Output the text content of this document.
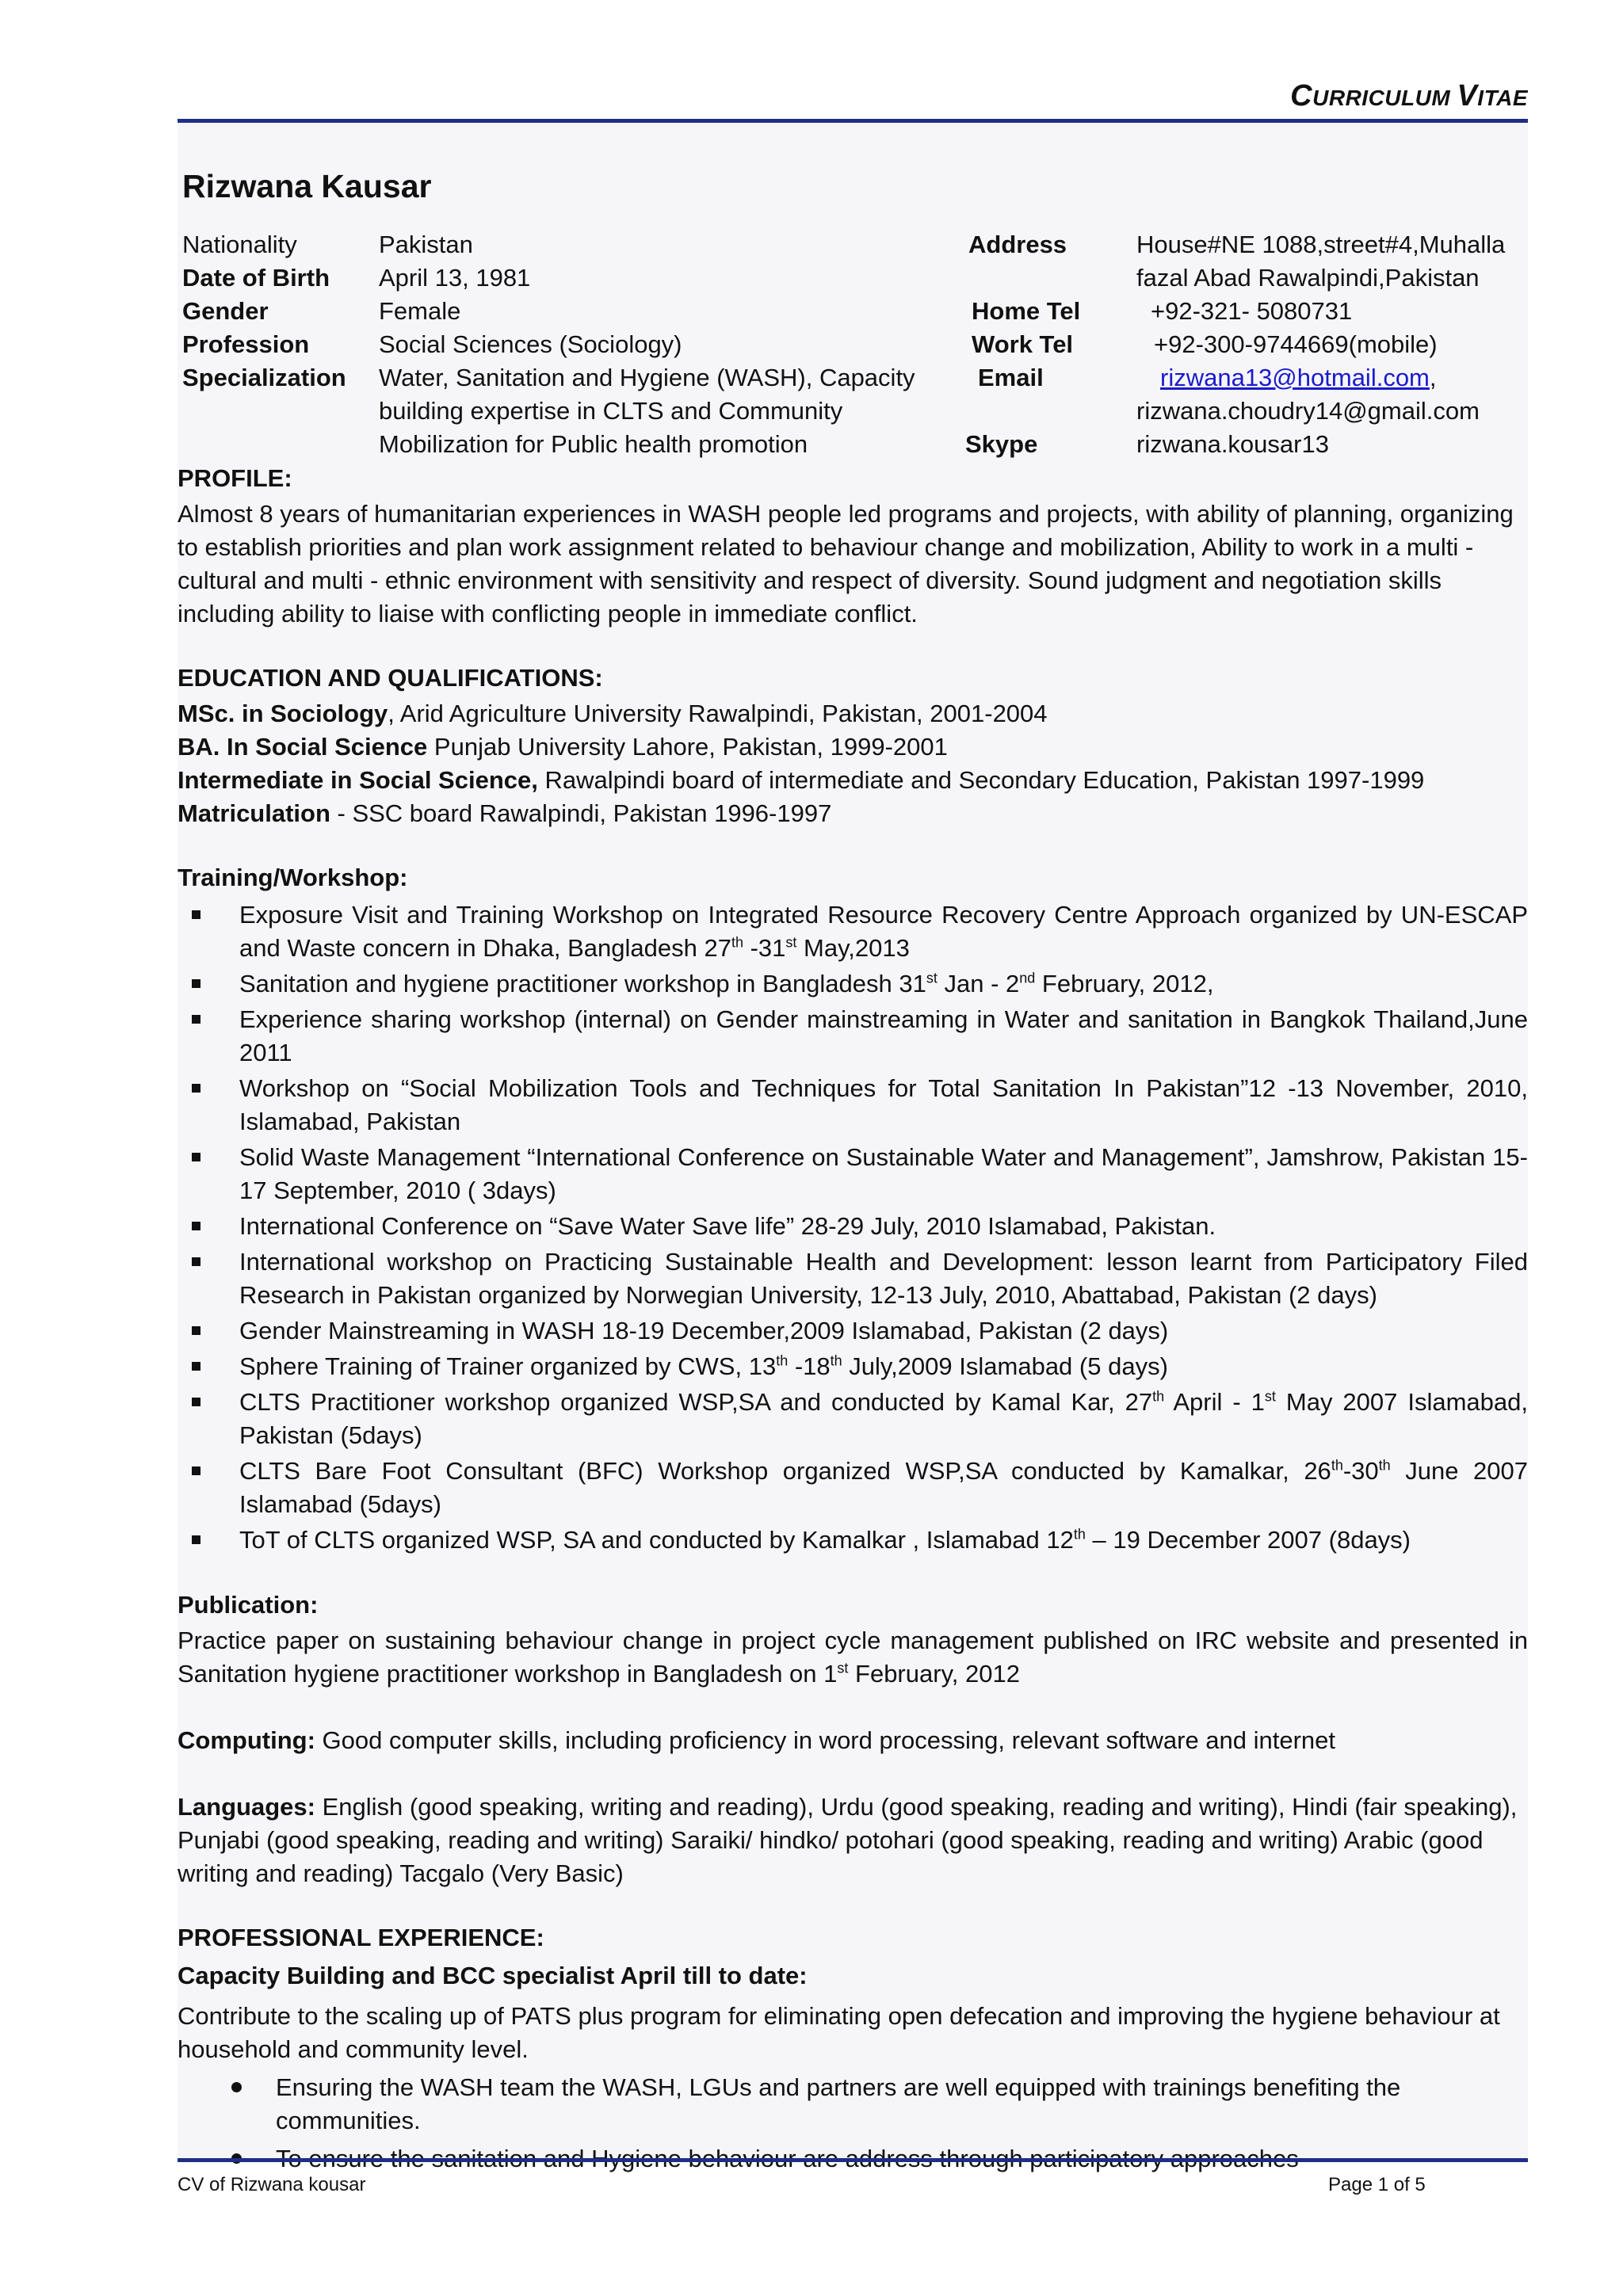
CURRICULUM VITAE
Rizwana Kausar
Nationality	Pakistan
Date of Birth April 13, 1981
Gender	Female
Profession	Social Sciences (Sociology)
Specialization Water, Sanitation and Hygiene (WASH), Capacity
building expertise in CLTS and Community
Mobilization for Public health promotion
Address	House#NE 1088,street#4,Muhalla
fazal Abad Rawalpindi,Pakistan
Home Tel	+92-321- 5080731
Work Tel	+92-300-9744669(mobile)
Email	rizwana13@hotmail.com,
rizwana.choudry14@gmail.com
Skype	rizwana.kousar13
PROFILE:
Almost 8 years of humanitarian experiences in WASH people led programs and projects, with ability of planning, organizing to establish priorities and plan work assignment related to behaviour change and mobilization, Ability to work in a multi - cultural and multi - ethnic environment with sensitivity and respect of diversity. Sound judgment and negotiation skills including ability to liaise with conflicting people in immediate conflict.
EDUCATION AND QUALIFICATIONS:
MSc. in Sociology, Arid Agriculture University Rawalpindi, Pakistan, 2001-2004
BA. In Social Science Punjab University Lahore, Pakistan, 1999-2001
Intermediate in Social Science, Rawalpindi board of intermediate and Secondary Education, Pakistan 1997-1999
Matriculation - SSC board Rawalpindi, Pakistan 1996-1997
Training/Workshop:
Exposure Visit and Training Workshop on Integrated Resource Recovery Centre Approach organized by UN-ESCAP and Waste concern in Dhaka, Bangladesh 27th -31st May,2013
Sanitation and hygiene practitioner workshop in Bangladesh 31st Jan - 2nd February, 2012,
Experience sharing workshop (internal) on Gender mainstreaming in Water and sanitation in Bangkok Thailand,June 2011
Workshop on “Social Mobilization Tools and Techniques for Total Sanitation In Pakistan”12 -13 November, 2010, Islamabad, Pakistan
Solid Waste Management “International Conference on Sustainable Water and Management”, Jamshrow, Pakistan 15-17 September, 2010 ( 3days)
International Conference on “Save Water Save life” 28-29 July, 2010 Islamabad, Pakistan.
International workshop on Practicing Sustainable Health and Development: lesson learnt from Participatory Filed Research in Pakistan organized by Norwegian University, 12-13 July, 2010, Abattabad, Pakistan (2 days)
Gender Mainstreaming in WASH 18-19 December,2009 Islamabad, Pakistan (2 days)
Sphere Training of Trainer organized by CWS, 13th -18th July,2009 Islamabad (5 days)
CLTS Practitioner workshop organized WSP,SA and conducted by Kamal Kar, 27th April - 1st May 2007 Islamabad, Pakistan (5days)
CLTS Bare Foot Consultant (BFC) Workshop organized WSP,SA conducted by Kamalkar, 26th-30th June 2007 Islamabad (5days)
ToT of CLTS organized WSP, SA and conducted by Kamalkar , Islamabad 12th – 19 December 2007 (8days)
Publication:
Practice paper on sustaining behaviour change in project cycle management published on IRC website and presented in Sanitation hygiene practitioner workshop in Bangladesh on 1st February, 2012
Computing: Good computer skills, including proficiency in word processing, relevant software and internet
Languages: English (good speaking, writing and reading), Urdu (good speaking, reading and writing), Hindi (fair speaking), Punjabi (good speaking, reading and writing) Saraiki/ hindko/ potohari (good speaking, reading and writing) Arabic (good writing and reading) Tacgalo (Very Basic)
PROFESSIONAL EXPERIENCE:
Capacity Building and BCC specialist April till to date:
Contribute to the scaling up of PATS plus program for eliminating open defecation and improving the hygiene behaviour at household and community level.
Ensuring the WASH team the WASH, LGUs and partners are well equipped with trainings benefiting the communities.
CV of Rizwana kousar	Page 1 of 5
